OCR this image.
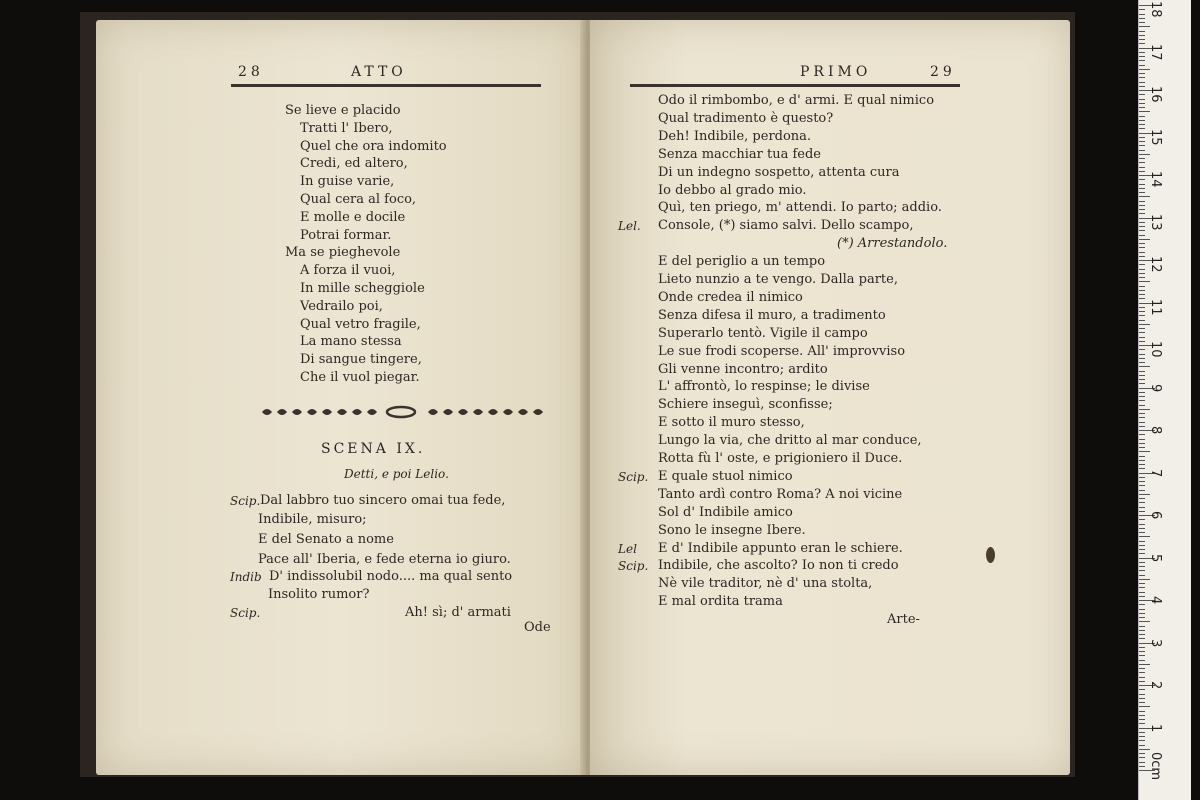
28	ATTO
Se lieve e placido
Tratti l' Ibero,
Quel che ora indomito
Credi, ed altero,
In guise varie,
Qual cera al foco,
E molle e docile
Potrai formar.
Ma se pieghevole
A forza il vuoi,
In mille scheggiole
Vedrailo poi,
Qual vetro fragile,
La mano stessa
Di sangue tingere,
Che il vuol piegar.
SCENA IX.
Detti, e poi Lelio.
Scip. Dal labbro tuo sincero omai tua fede,
Indibile, misuro;
E del Senato a nome
Pace all' Iberia, e fede eterna io giuro.
Indib D' indissolubil nodo.... ma qual sento
Insolito rumor?
Scip.	Ah! sì; d' armati
Ode
PRIMO	29
Odo il rimbombo, e d' armi. E qual nimico
Qual tradimento è questo?
Deh! Indibile, perdona.
Senza macchiar tua fede
Di un indegno sospetto, attenta cura
Io debbo al grado mio.
Quì, ten priego, m' attendi. Io parto; addio.
Lel. Console, (*) siamo salvi. Dello scampo,
(*) Arrestandolo.
E del periglio a un tempo
Lieto nunzio a te vengo. Dalla parte,
Onde credea il nimico
Senza difesa il muro, a tradimento
Superarlo tentò. Vigile il campo
Le sue frodi scoperse. All' improvviso
Gli venne incontro; ardito
L' affrontò, lo respinse; le divise
Schiere inseguì, sconfisse;
E sotto il muro stesso,
Lungo la via, che dritto al mar conduce,
Rotta fù l' oste, e prigioniero il Duce.
Scip. E quale stuol nimico
Tanto ardì contro Roma? A noi vicine
Sol d' Indibile amico
Sono le insegne Ibere.
Lel E d' Indibile appunto eran le schiere.
Scip. Indibile, che ascolto? Io non ti credo
Nè vile traditor, nè d' una stolta,
E mal ordita trama
Arte-
0cm
1
2
3
4
5
6
7
8
9
10
11
12
13
14
15
16
17
18
